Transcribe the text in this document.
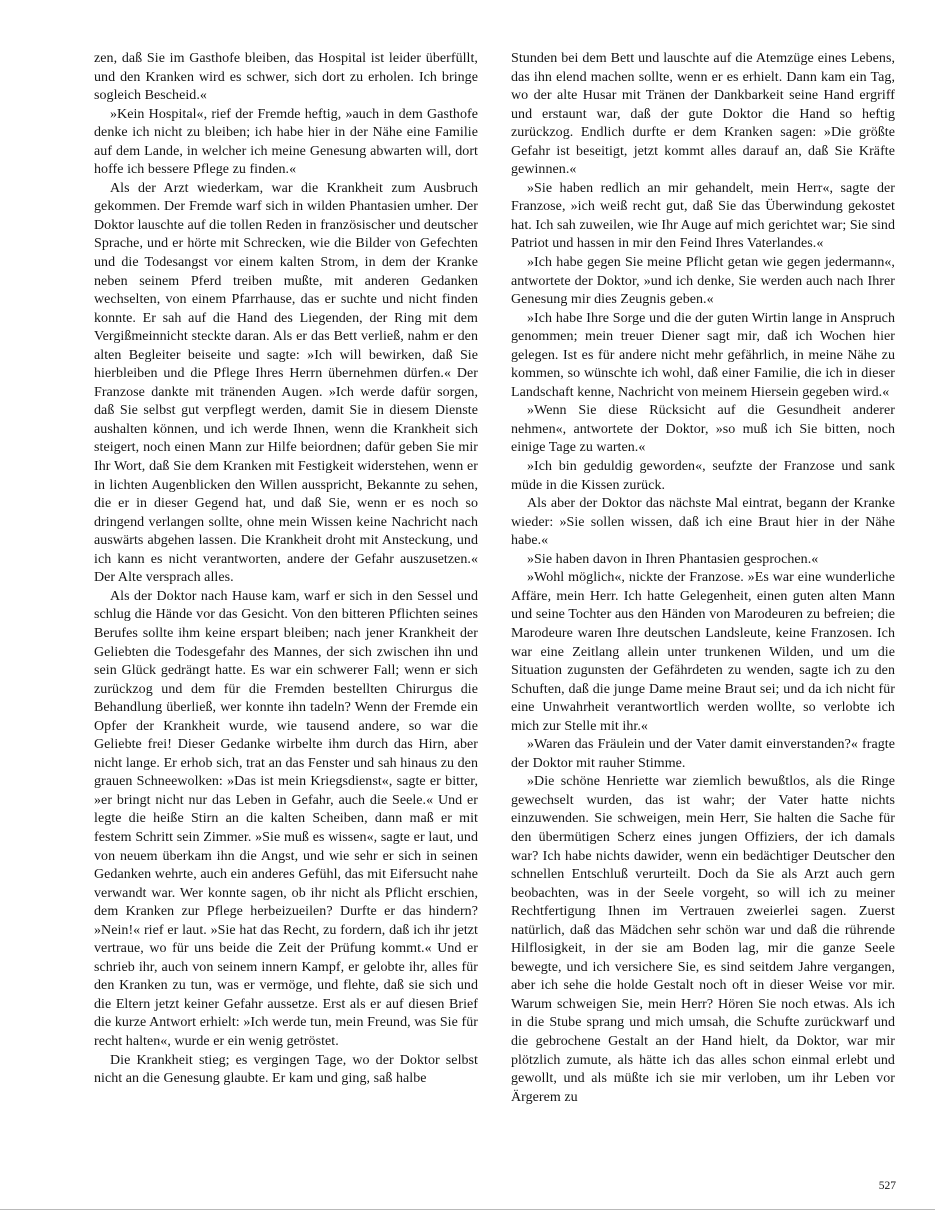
zen, daß Sie im Gasthofe bleiben, das Hospital ist leider überfüllt, und den Kranken wird es schwer, sich dort zu erholen. Ich bringe sogleich Bescheid.«

»Kein Hospital«, rief der Fremde heftig, »auch in dem Gasthofe denke ich nicht zu bleiben; ich habe hier in der Nähe eine Familie auf dem Lande, in welcher ich meine Genesung abwarten will, dort hoffe ich bessere Pflege zu finden.«

Als der Arzt wiederkam, war die Krankheit zum Ausbruch gekommen. Der Fremde warf sich in wilden Phantasien umher. Der Doktor lauschte auf die tollen Reden in französischer und deutscher Sprache, und er hörte mit Schrecken, wie die Bilder von Gefechten und die Todesangst vor einem kalten Strom, in dem der Kranke neben seinem Pferd treiben mußte, mit anderen Gedanken wechselten, von einem Pfarrhause, das er suchte und nicht finden konnte. Er sah auf die Hand des Liegenden, der Ring mit dem Vergißmeinnicht steckte daran. Als er das Bett verließ, nahm er den alten Begleiter beiseite und sagte: »Ich will bewirken, daß Sie hierbleiben und die Pflege Ihres Herrn übernehmen dürfen.« Der Franzose dankte mit tränenden Augen. »Ich werde dafür sorgen, daß Sie selbst gut verpflegt werden, damit Sie in diesem Dienste aushalten können, und ich werde Ihnen, wenn die Krankheit sich steigert, noch einen Mann zur Hilfe beiordnen; dafür geben Sie mir Ihr Wort, daß Sie dem Kranken mit Festigkeit widerstehen, wenn er in lichten Augenblicken den Willen ausspricht, Bekannte zu sehen, die er in dieser Gegend hat, und daß Sie, wenn er es noch so dringend verlangen sollte, ohne mein Wissen keine Nachricht nach auswärts abgehen lassen. Die Krankheit droht mit Ansteckung, und ich kann es nicht verantworten, andere der Gefahr auszusetzen.« Der Alte versprach alles.

Als der Doktor nach Hause kam, warf er sich in den Sessel und schlug die Hände vor das Gesicht. Von den bitteren Pflichten seines Berufes sollte ihm keine erspart bleiben; nach jener Krankheit der Geliebten die Todesgefahr des Mannes, der sich zwischen ihn und sein Glück gedrängt hatte. Es war ein schwerer Fall; wenn er sich zurückzog und dem für die Fremden bestellten Chirurgus die Behandlung überließ, wer konnte ihn tadeln? Wenn der Fremde ein Opfer der Krankheit wurde, wie tausend andere, so war die Geliebte frei! Dieser Gedanke wirbelte ihm durch das Hirn, aber nicht lange. Er erhob sich, trat an das Fenster und sah hinaus zu den grauen Schneewolken: »Das ist mein Kriegsdienst«, sagte er bitter, »er bringt nicht nur das Leben in Gefahr, auch die Seele.« Und er legte die heiße Stirn an die kalten Scheiben, dann maß er mit festem Schritt sein Zimmer. »Sie muß es wissen«, sagte er laut, und von neuem überkam ihn die Angst, und wie sehr er sich in seinen Gedanken wehrte, auch ein anderes Gefühl, das mit Eifersucht nahe verwandt war. Wer konnte sagen, ob ihr nicht als Pflicht erschien, dem Kranken zur Pflege herbeizueilen? Durfte er das hindern? »Nein!« rief er laut. »Sie hat das Recht, zu fordern, daß ich ihr jetzt vertraue, wo für uns beide die Zeit der Prüfung kommt.« Und er schrieb ihr, auch von seinem innern Kampf, er gelobte ihr, alles für den Kranken zu tun, was er vermöge, und flehte, daß sie sich und die Eltern jetzt keiner Gefahr aussetze. Erst als er auf diesen Brief die kurze Antwort erhielt: »Ich werde tun, mein Freund, was Sie für recht halten«, wurde er ein wenig getröstet.

Die Krankheit stieg; es vergingen Tage, wo der Doktor selbst nicht an die Genesung glaubte. Er kam und ging, saß halbe

Stunden bei dem Bett und lauschte auf die Atemzüge eines Lebens, das ihn elend machen sollte, wenn er es erhielt. Dann kam ein Tag, wo der alte Husar mit Tränen der Dankbarkeit seine Hand ergriff und erstaunt war, daß der gute Doktor die Hand so heftig zurückzog. Endlich durfte er dem Kranken sagen: »Die größte Gefahr ist beseitigt, jetzt kommt alles darauf an, daß Sie Kräfte gewinnen.«

»Sie haben redlich an mir gehandelt, mein Herr«, sagte der Franzose, »ich weiß recht gut, daß Sie das Überwindung gekostet hat. Ich sah zuweilen, wie Ihr Auge auf mich gerichtet war; Sie sind Patriot und hassen in mir den Feind Ihres Vaterlandes.«

»Ich habe gegen Sie meine Pflicht getan wie gegen jedermann«, antwortete der Doktor, »und ich denke, Sie werden auch nach Ihrer Genesung mir dies Zeugnis geben.«

»Ich habe Ihre Sorge und die der guten Wirtin lange in Anspruch genommen; mein treuer Diener sagt mir, daß ich Wochen hier gelegen. Ist es für andere nicht mehr gefährlich, in meine Nähe zu kommen, so wünschte ich wohl, daß einer Familie, die ich in dieser Landschaft kenne, Nachricht von meinem Hiersein gegeben wird.«

»Wenn Sie diese Rücksicht auf die Gesundheit anderer nehmen«, antwortete der Doktor, »so muß ich Sie bitten, noch einige Tage zu warten.«

»Ich bin geduldig geworden«, seufzte der Franzose und sank müde in die Kissen zurück.

Als aber der Doktor das nächste Mal eintrat, begann der Kranke wieder: »Sie sollen wissen, daß ich eine Braut hier in der Nähe habe.«

»Sie haben davon in Ihren Phantasien gesprochen.«

»Wohl möglich«, nickte der Franzose. »Es war eine wunderliche Affäre, mein Herr. Ich hatte Gelegenheit, einen guten alten Mann und seine Tochter aus den Händen von Marodeuren zu befreien; die Marodeure waren Ihre deutschen Landsleute, keine Franzosen. Ich war eine Zeitlang allein unter trunkenen Wilden, und um die Situation zugunsten der Gefährdeten zu wenden, sagte ich zu den Schuften, daß die junge Dame meine Braut sei; und da ich nicht für eine Unwahrheit verantwortlich werden wollte, so verlobte ich mich zur Stelle mit ihr.«

»Waren das Fräulein und der Vater damit einverstanden?« fragte der Doktor mit rauher Stimme.

»Die schöne Henriette war ziemlich bewußtlos, als die Ringe gewechselt wurden, das ist wahr; der Vater hatte nichts einzuwenden. Sie schweigen, mein Herr, Sie halten die Sache für den übermütigen Scherz eines jungen Offiziers, der ich damals war? Ich habe nichts dawider, wenn ein bedächtiger Deutscher den schnellen Entschluß verurteilt. Doch da Sie als Arzt auch gern beobachten, was in der Seele vorgeht, so will ich zu meiner Rechtfertigung Ihnen im Vertrauen zweierlei sagen. Zuerst natürlich, daß das Mädchen sehr schön war und daß die rührende Hilflosigkeit, in der sie am Boden lag, mir die ganze Seele bewegte, und ich versichere Sie, es sind seitdem Jahre vergangen, aber ich sehe die holde Gestalt noch oft in dieser Weise vor mir. Warum schweigen Sie, mein Herr? Hören Sie noch etwas. Als ich in die Stube sprang und mich umsah, die Schufte zurückwarf und die gebrochene Gestalt an der Hand hielt, da Doktor, war mir plötzlich zumute, als hätte ich das alles schon einmal erlebt und gewollt, und als müßte ich sie mir verloben, um ihr Leben vor Ärgerem zu

527
